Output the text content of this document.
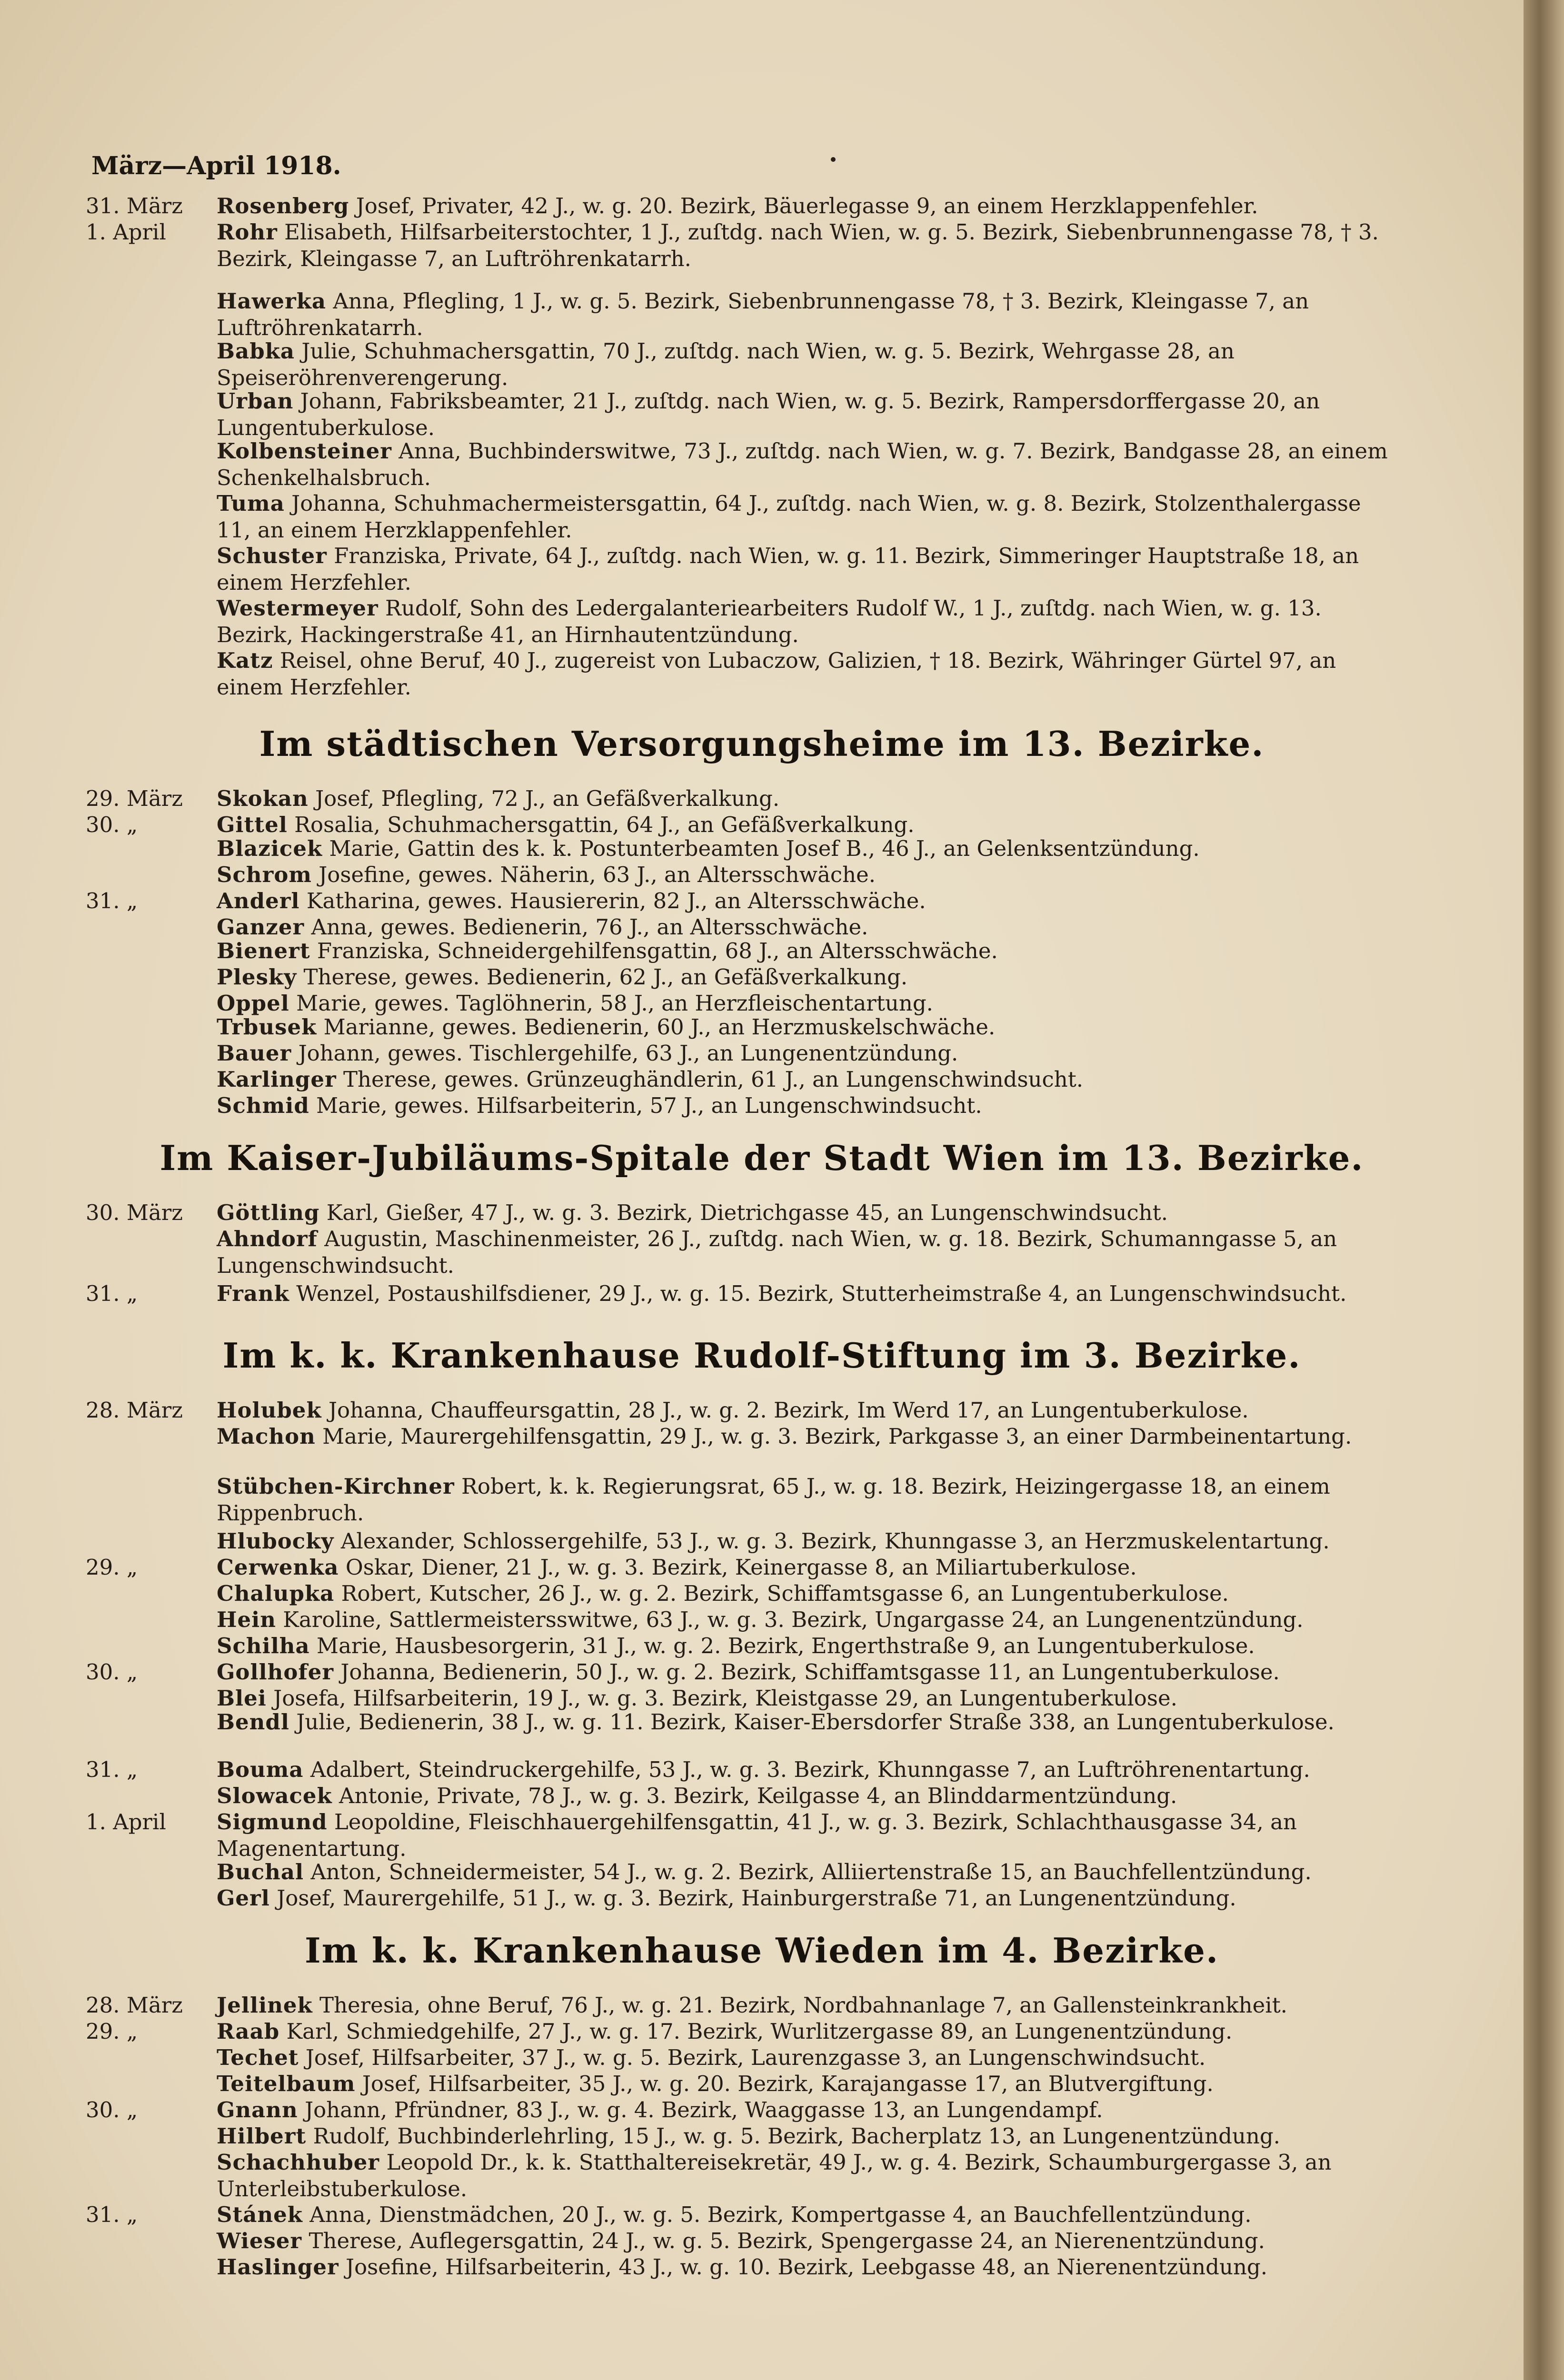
März—April 1918.
31. März	Rosenberg Josef, Privater, 42 J., w. g. 20. Bezirk, Bäuerlegasse 9, an einem Herzklappenfehler.
1. April	Rohr Elisabeth, Hilfsarbeiterstochter, 1 J., zuſtdg. nach Wien, w. g. 5. Bezirk, Siebenbrunnengasse 78, † 3. Bezirk, Kleingasse 7, an Luftröhrenkatarrh.
Hawerka Anna, Pflegling, 1 J., w. g. 5. Bezirk, Siebenbrunnengasse 78, † 3. Bezirk, Kleingasse 7, an Luftröhrenkatarrh.
Babka Julie, Schuhmachersgattin, 70 J., zuſtdg. nach Wien, w. g. 5. Bezirk, Wehrgasse 28, an Speiseröhrenverengerung.
Urban Johann, Fabriksbeamter, 21 J., zuſtdg. nach Wien, w. g. 5. Bezirk, Rampersdorffergasse 20, an Lungentuberkulose.
Kolbensteiner Anna, Buchbinderswitwe, 73 J., zuſtdg. nach Wien, w. g. 7. Bezirk, Bandgasse 28, an einem Schenkelhalsbruch.
Tuma Johanna, Schuhmachermeistersgattin, 64 J., zuſtdg. nach Wien, w. g. 8. Bezirk, Stolzenthalergasse 11, an einem Herzklappenfehler.
Schuster Franziska, Private, 64 J., zuſtdg. nach Wien, w. g. 11. Bezirk, Simmeringer Hauptstraße 18, an einem Herzfehler.
Westermeyer Rudolf, Sohn des Ledergalanteriearbeiters Rudolf W., 1 J., zuſtdg. nach Wien, w. g. 13. Bezirk, Hackingerstraße 41, an Hirnhautentzündung.
Katz Reisel, ohne Beruf, 40 J., zugereist von Lubaczow, Galizien, † 18. Bezirk, Währinger Gürtel 97, an einem Herzfehler.
Im städtischen Versorgungsheime im 13. Bezirke.
29. März	Skokan Josef, Pflegling, 72 J., an Gefäßverkalkung.
30. „	Gittel Rosalia, Schuhmachersgattin, 64 J., an Gefäßverkalkung.
Blazicek Marie, Gattin des k. k. Postunterbeamten Josef B., 46 J., an Gelenksentzündung.
Schrom Josefine, gewes. Näherin, 63 J., an Altersschwäche.
31. „	Anderl Katharina, gewes. Hausiererin, 82 J., an Altersschwäche.
Ganzer Anna, gewes. Bedienerin, 76 J., an Altersschwäche.
Bienert Franziska, Schneidergehilfensgattin, 68 J., an Altersschwäche.
Plesky Therese, gewes. Bedienerin, 62 J., an Gefäßverkalkung.
Oppel Marie, gewes. Taglöhnerin, 58 J., an Herzfleischentartung.
Trbusek Marianne, gewes. Bedienerin, 60 J., an Herzmuskelschwäche.
Bauer Johann, gewes. Tischlergehilfe, 63 J., an Lungenentzündung.
Karlinger Therese, gewes. Grünzeughändlerin, 61 J., an Lungenschwindsucht.
Schmid Marie, gewes. Hilfsarbeiterin, 57 J., an Lungenschwindsucht.
Im Kaiser-Jubiläums-Spitale der Stadt Wien im 13. Bezirke.
30. März	Göttling Karl, Gießer, 47 J., w. g. 3. Bezirk, Dietrichgasse 45, an Lungenschwindsucht.
Ahndorf Augustin, Maschinenmeister, 26 J., zuſtdg. nach Wien, w. g. 18. Bezirk, Schumanngasse 5, an Lungenschwindsucht.
31. „	Frank Wenzel, Postaushilfsdiener, 29 J., w. g. 15. Bezirk, Stutterheimstraße 4, an Lungenschwindsucht.
Im k. k. Krankenhause Rudolf-Stiftung im 3. Bezirke.
28. März	Holubek Johanna, Chauffeursgattin, 28 J., w. g. 2. Bezirk, Im Werd 17, an Lungentuberkulose.
Machon Marie, Maurergehilfensgattin, 29 J., w. g. 3. Bezirk, Parkgasse 3, an einer Darmbeinentartung.
Stübchen-Kirchner Robert, k. k. Regierungsrat, 65 J., w. g. 18. Bezirk, Heizingergasse 18, an einem Rippenbruch.
Hlubocky Alexander, Schlossergehilfe, 53 J., w. g. 3. Bezirk, Khunngasse 3, an Herzmuskelentartung.
29. „	Cerwenka Oskar, Diener, 21 J., w. g. 3. Bezirk, Keinergasse 8, an Miliartuberkulose.
Chalupka Robert, Kutscher, 26 J., w. g. 2. Bezirk, Schiffamtsgasse 6, an Lungentuberkulose.
Hein Karoline, Sattlermeistersswitwe, 63 J., w. g. 3. Bezirk, Ungargasse 24, an Lungenentzündung.
Schilha Marie, Hausbesorgerin, 31 J., w. g. 2. Bezirk, Engerthstraße 9, an Lungentuberkulose.
30. „	Gollhofer Johanna, Bedienerin, 50 J., w. g. 2. Bezirk, Schiffamtsgasse 11, an Lungentuberkulose.
Blei Josefa, Hilfsarbeiterin, 19 J., w. g. 3. Bezirk, Kleistgasse 29, an Lungentuberkulose.
Bendl Julie, Bedienerin, 38 J., w. g. 11. Bezirk, Kaiser-Ebersdorfer Straße 338, an Lungentuberkulose.
31. „	Bouma Adalbert, Steindruckergehilfe, 53 J., w. g. 3. Bezirk, Khunngasse 7, an Luftröhrenentartung.
Slowacek Antonie, Private, 78 J., w. g. 3. Bezirk, Keilgasse 4, an Blinddarmentzündung.
1. April	Sigmund Leopoldine, Fleischhauergehilfensgattin, 41 J., w. g. 3. Bezirk, Schlachthausgasse 34, an Magenentartung.
Buchal Anton, Schneidermeister, 54 J., w. g. 2. Bezirk, Alliiertenstraße 15, an Bauchfellentzündung.
Gerl Josef, Maurergehilfe, 51 J., w. g. 3. Bezirk, Hainburgerstraße 71, an Lungenentzündung.
Im k. k. Krankenhause Wieden im 4. Bezirke.
28. März	Jellinek Theresia, ohne Beruf, 76 J., w. g. 21. Bezirk, Nordbahnanlage 7, an Gallensteinkrankheit.
29. „	Raab Karl, Schmiedgehilfe, 27 J., w. g. 17. Bezirk, Wurlitzergasse 89, an Lungenentzündung.
Techet Josef, Hilfsarbeiter, 37 J., w. g. 5. Bezirk, Laurenzgasse 3, an Lungenschwindsucht.
Teitelbaum Josef, Hilfsarbeiter, 35 J., w. g. 20. Bezirk, Karajangasse 17, an Blutvergiftung.
30. „	Gnann Johann, Pfründner, 83 J., w. g. 4. Bezirk, Waaggasse 13, an Lungendampf.
Hilbert Rudolf, Buchbinderlehrling, 15 J., w. g. 5. Bezirk, Bacherplatz 13, an Lungenentzündung.
Schachhuber Leopold Dr., k. k. Statthaltereisekretär, 49 J., w. g. 4. Bezirk, Schaumburgergasse 3, an Unterleibstuberkulose.
31. „	Stánek Anna, Dienstmädchen, 20 J., w. g. 5. Bezirk, Kompertgasse 4, an Bauchfellentzündung.
Wieser Therese, Auflegersgattin, 24 J., w. g. 5. Bezirk, Spengergasse 24, an Nierenentzündung.
Haslinger Josefine, Hilfsarbeiterin, 43 J., w. g. 10. Bezirk, Leebgasse 48, an Nierenentzündung.
